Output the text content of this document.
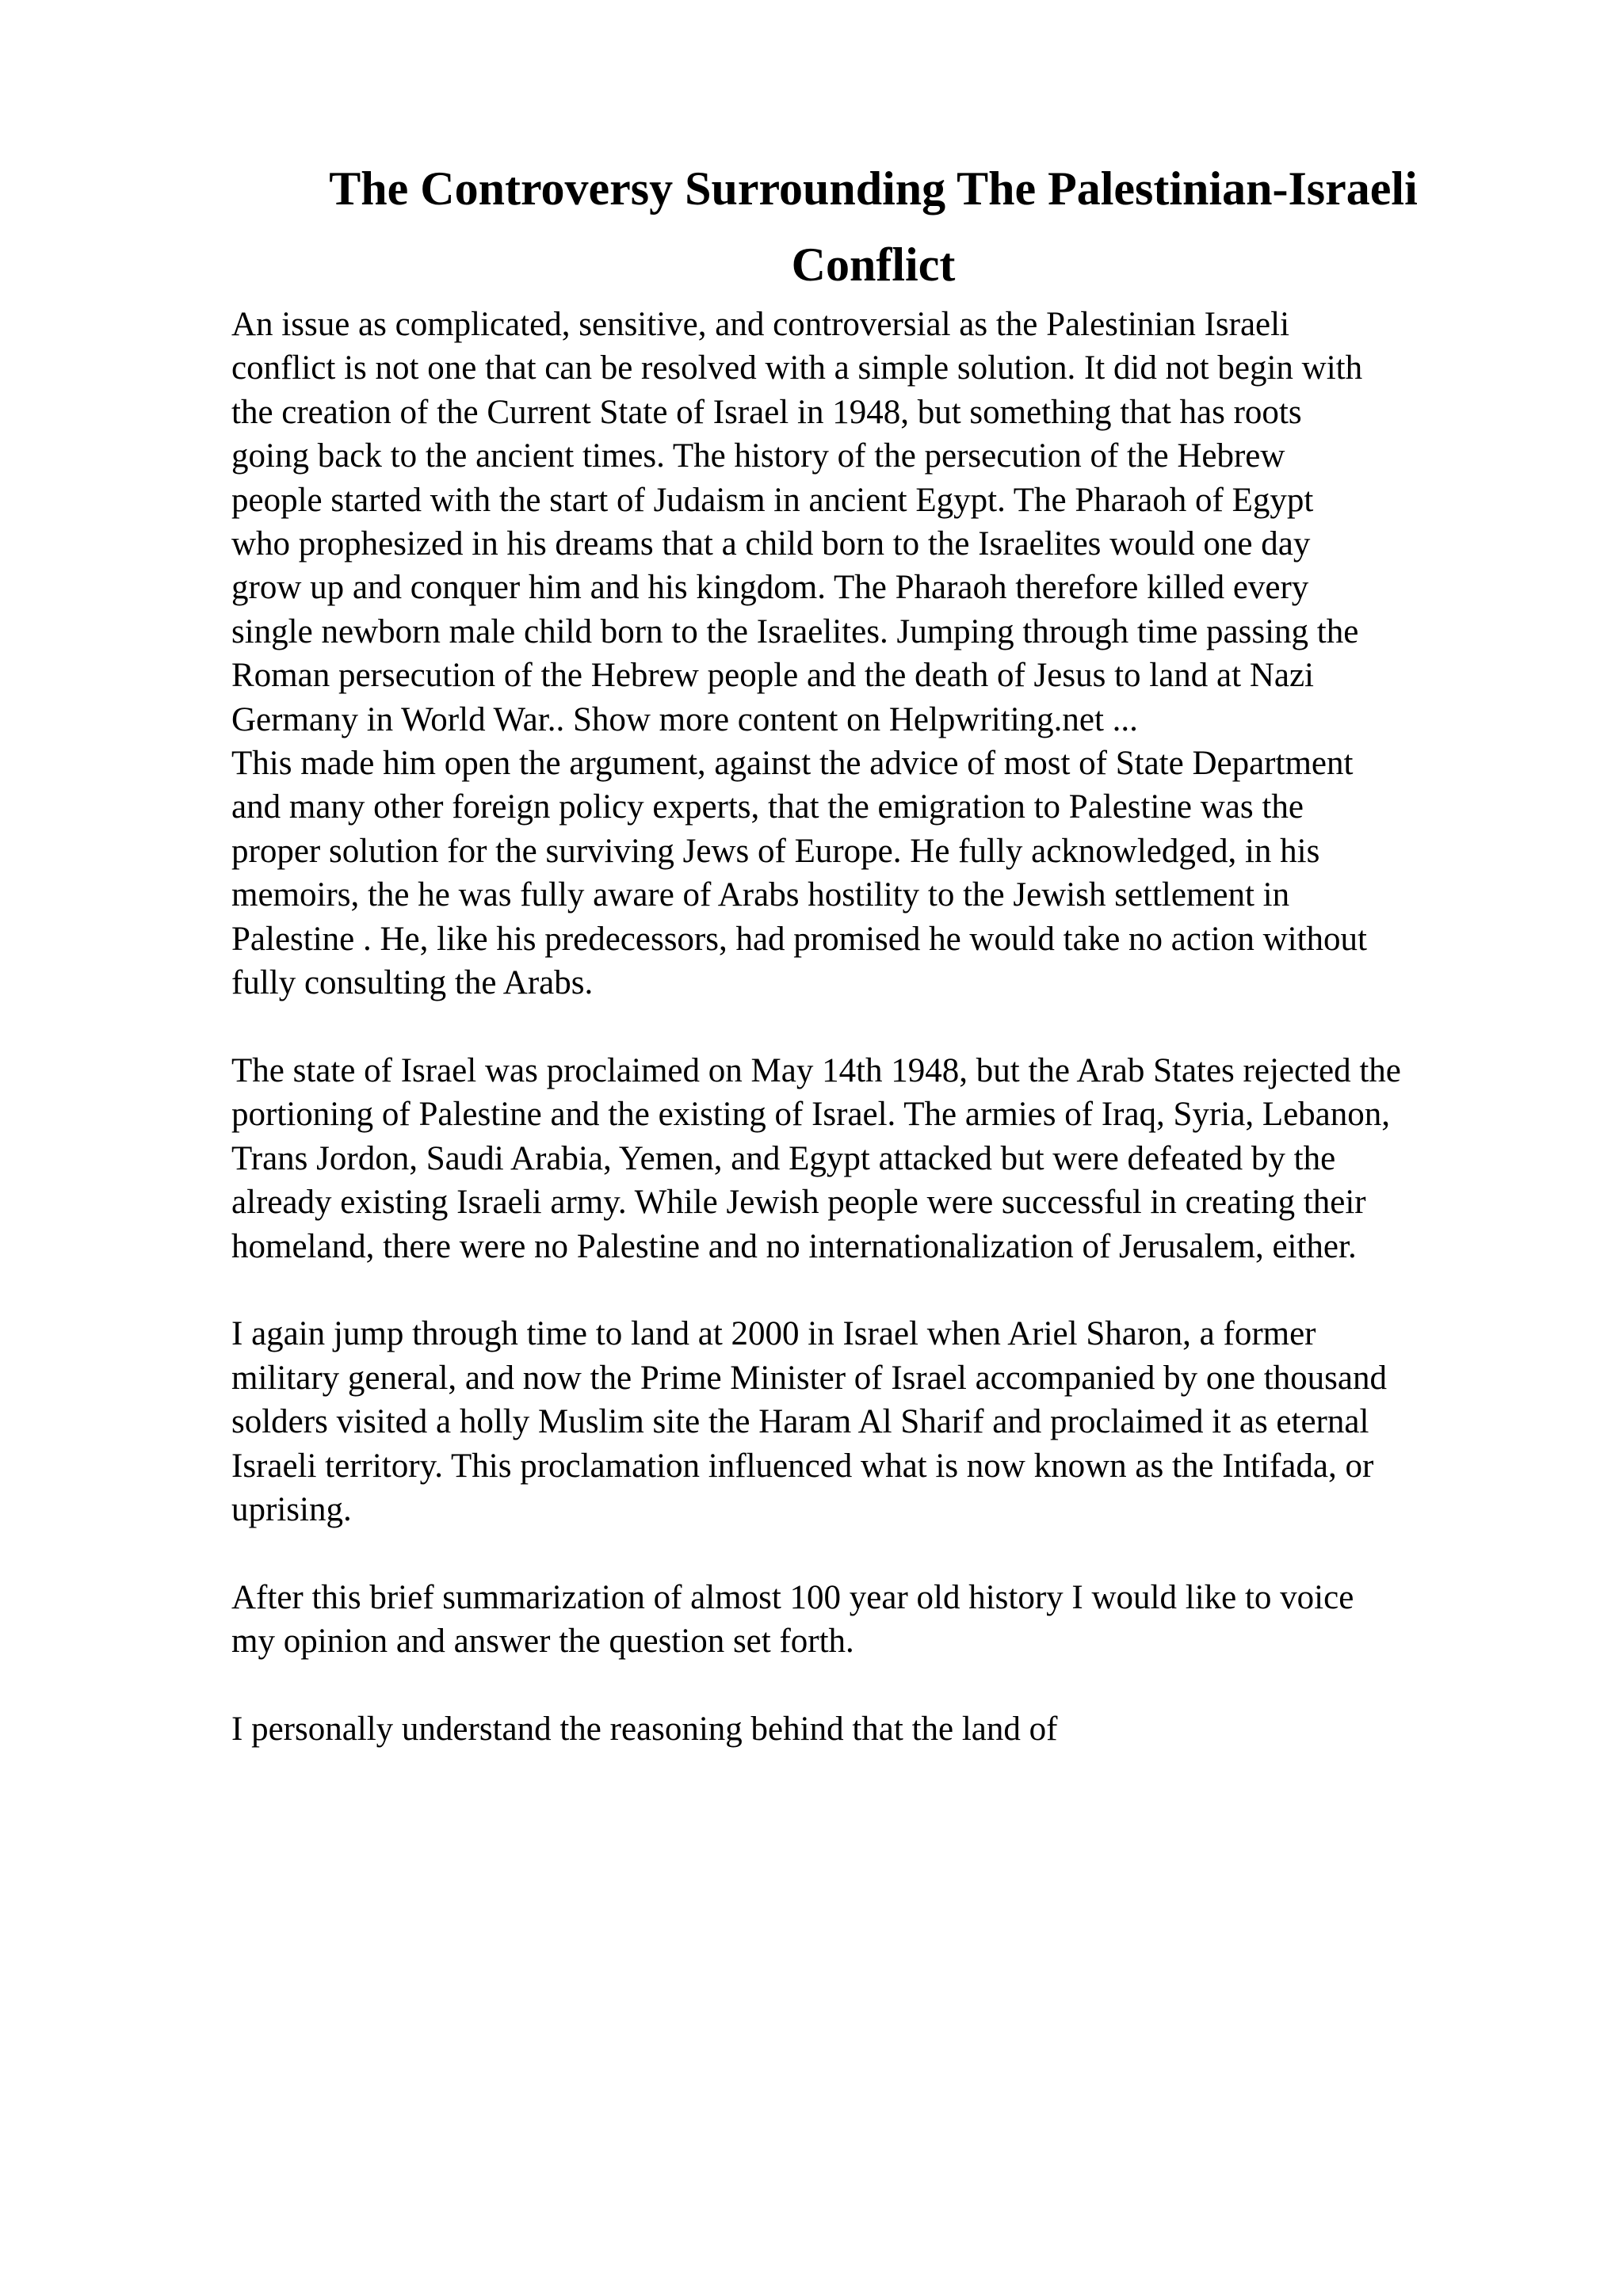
The Controversy Surrounding The Palestinian-Israeli
Conflict

An issue as complicated, sensitive, and controversial as the Palestinian Israeli
conflict is not one that can be resolved with a simple solution. It did not begin with
the creation of the Current State of Israel in 1948, but something that has roots
going back to the ancient times. The history of the persecution of the Hebrew
people started with the start of Judaism in ancient Egypt. The Pharaoh of Egypt
who prophesized in his dreams that a child born to the Israelites would one day
grow up and conquer him and his kingdom. The Pharaoh therefore killed every
single newborn male child born to the Israelites. Jumping through time passing the
Roman persecution of the Hebrew people and the death of Jesus to land at Nazi
Germany in World War.. Show more content on Helpwriting.net ...

This made him open the argument, against the advice of most of State Department
and many other foreign policy experts, that the emigration to Palestine was the
proper solution for the surviving Jews of Europe. He fully acknowledged, in his
memoirs, the he was fully aware of Arabs hostility to the Jewish settlement in
Palestine . He, like his predecessors, had promised he would take no action without
fully consulting the Arabs.

The state of Israel was proclaimed on May 14th 1948, but the Arab States rejected the
portioning of Palestine and the existing of Israel. The armies of Iraq, Syria, Lebanon,
Trans Jordon, Saudi Arabia, Yemen, and Egypt attacked but were defeated by the
already existing Israeli army. While Jewish people were successful in creating their
homeland, there were no Palestine and no internationalization of Jerusalem, either.

I again jump through time to land at 2000 in Israel when Ariel Sharon, a former
military general, and now the Prime Minister of Israel accompanied by one thousand
solders visited a holly Muslim site the Haram Al Sharif and proclaimed it as eternal
Israeli territory. This proclamation influenced what is now known as the Intifada, or
uprising.

After this brief summarization of almost 100 year old history I would like to voice
my opinion and answer the question set forth.

I personally understand the reasoning behind that the land of
